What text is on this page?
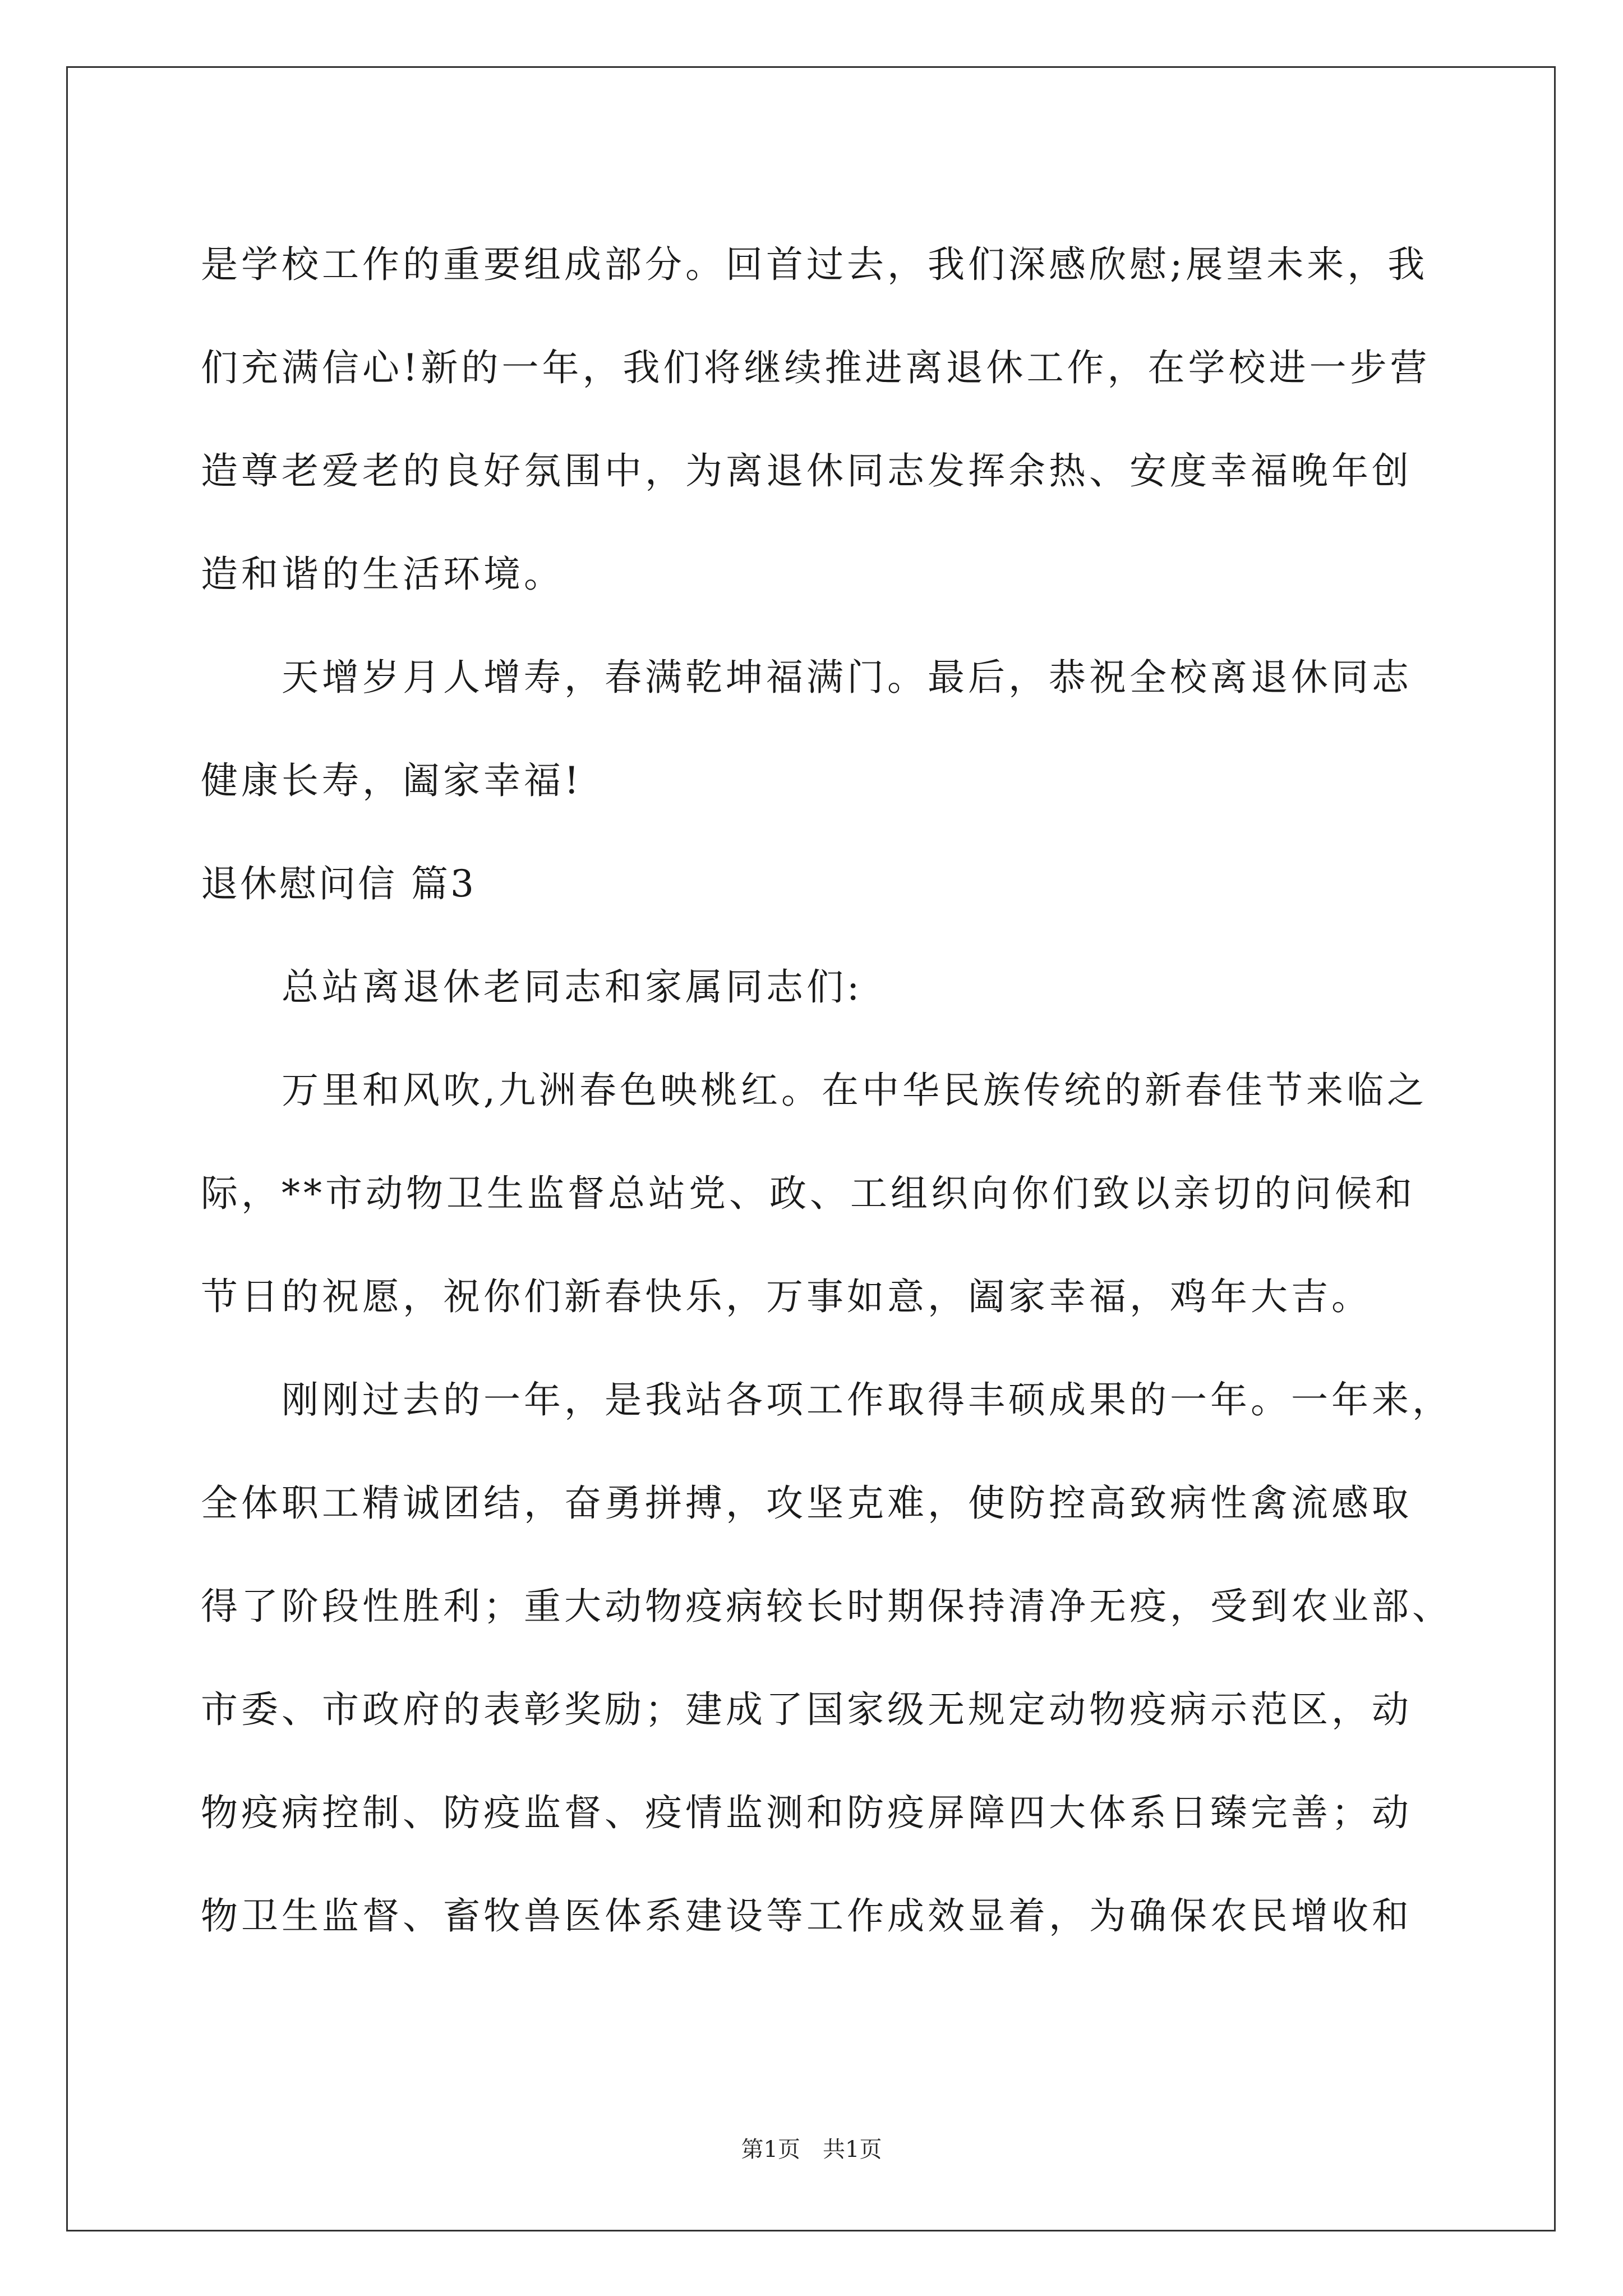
是学校工作的重要组成部分。回首过去，我们深感欣慰;展望未来，我
们充满信心!新的一年，我们将继续推进离退休工作，在学校进一步营
造尊老爱老的良好氛围中，为离退休同志发挥余热、安度幸福晚年创
造和谐的生活环境。
天增岁月人增寿，春满乾坤福满门。最后，恭祝全校离退休同志
健康长寿，阖家幸福!
退休慰问信 篇3
总站离退休老同志和家属同志们:
万里和风吹,九洲春色映桃红。在中华民族传统的新春佳节来临之
际，**市动物卫生监督总站党、政、工组织向你们致以亲切的问候和
节日的祝愿，祝你们新春快乐，万事如意，阖家幸福，鸡年大吉。
刚刚过去的一年，是我站各项工作取得丰硕成果的一年。一年来，
全体职工精诚团结，奋勇拼搏，攻坚克难，使防控高致病性禽流感取
得了阶段性胜利；重大动物疫病较长时期保持清净无疫，受到农业部、
市委、市政府的表彰奖励；建成了国家级无规定动物疫病示范区，动
物疫病控制、防疫监督、疫情监测和防疫屏障四大体系日臻完善；动
物卫生监督、畜牧兽医体系建设等工作成效显着，为确保农民增收和
第1页　共1页
